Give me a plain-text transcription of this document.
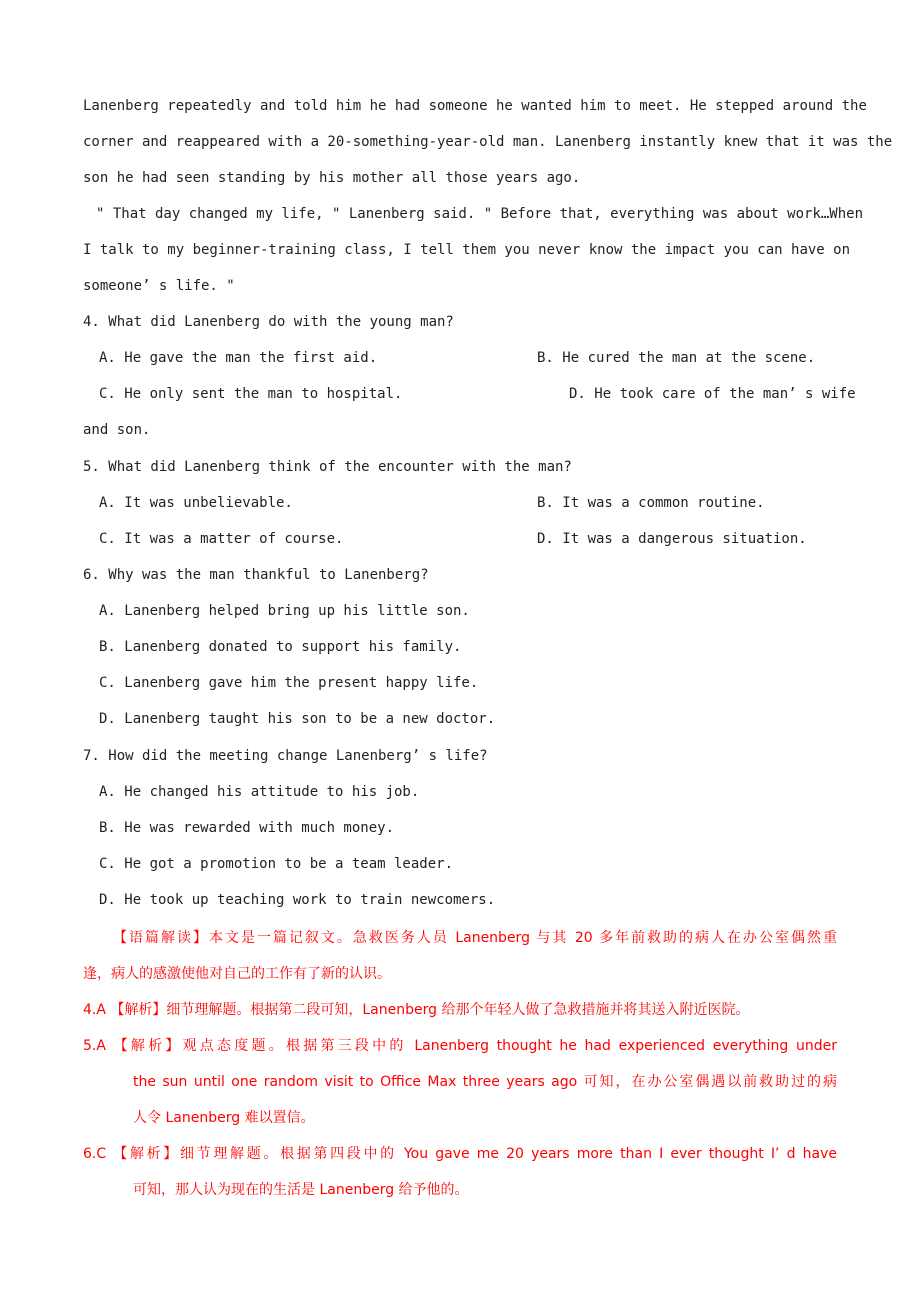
Lanenberg repeatedly and told him he had someone he wanted him to meet. He stepped around the
corner and reappeared with a 20-something-year-old man. Lanenberg instantly knew that it was the
son he had seen standing by his mother all those years ago.
" That day changed my life, " Lanenberg said. " Before that, everything was about work…When
I talk to my beginner-training class, I tell them you never know the impact you can have on
someone’ s life. "
4. What did Lanenberg do with the young man?
A. He gave the man the first aid.	B. He cured the man at the scene.
C. He only sent the man to hospital.	D. He took care of the man’ s wife
and son.
5. What did Lanenberg think of the encounter with the man?
A. It was unbelievable.	B. It was a common routine.
C. It was a matter of course.	D. It was a dangerous situation.
6. Why was the man thankful to Lanenberg?
A. Lanenberg helped bring up his little son.
B. Lanenberg donated to support his family.
C. Lanenberg gave him the present happy life.
D. Lanenberg taught his son to be a new doctor.
7. How did the meeting change Lanenberg’ s life?
A. He changed his attitude to his job.
B. He was rewarded with much money.
C. He got a promotion to be a team leader.
D. He took up teaching work to train newcomers.
【语篇解读】本文是一篇记叙文。急救医务人员 Lanenberg 与其 20 多年前救助的病人在办公室偶然重
逢，病人的感激使他对自己的工作有了新的认识。
4.A 【解析】细节理解题。根据第二段可知，Lanenberg 给那个年轻人做了急救措施并将其送入附近医院。
5.A 【解析】观点态度题。根据第三段中的 Lanenberg thought he had experienced everything under
the sun until one random visit to Office Max three years ago 可知，在办公室偶遇以前救助过的病
人令 Lanenberg 难以置信。
6.C 【解析】细节理解题。根据第四段中的 You gave me 20 years more than I ever thought I’ d have
可知，那人认为现在的生活是 Lanenberg 给予他的。
